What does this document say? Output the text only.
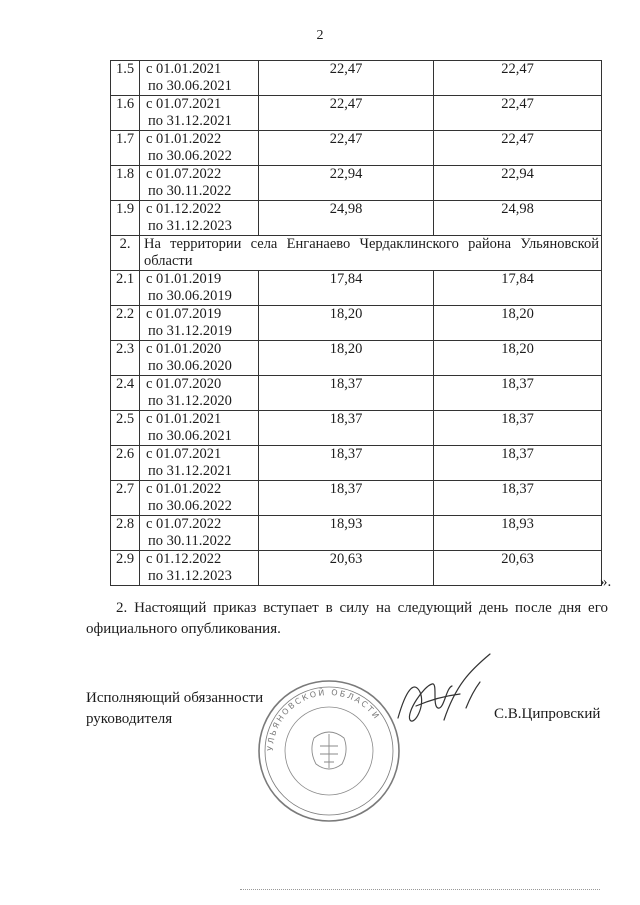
2
1.5	с 01.01.2021
по 30.06.2021	22,47	22,47
1.6	с 01.07.2021
по 31.12.2021	22,47	22,47
1.7	с 01.01.2022
по 30.06.2022	22,47	22,47
1.8	с 01.07.2022
по 30.11.2022	22,94	22,94
1.9	с 01.12.2022
по 31.12.2023	24,98	24,98
2.	На территории села Енганаево Чердаклинского района Ульяновской области		
2.1	с 01.01.2019
по 30.06.2019	17,84	17,84
2.2	с 01.07.2019
по 31.12.2019	18,20	18,20
2.3	с 01.01.2020
по 30.06.2020	18,20	18,20
2.4	с 01.07.2020
по 31.12.2020	18,37	18,37
2.5	с 01.01.2021
по 30.06.2021	18,37	18,37
2.6	с 01.07.2021
по 31.12.2021	18,37	18,37
2.7	с 01.01.2022
по 30.06.2022	18,37	18,37
2.8	с 01.07.2022
по 30.11.2022	18,93	18,93
2.9	с 01.12.2022
по 31.12.2023	20,63	20,63
».

2. Настоящий приказ вступает в силу на следующий день после дня его официального опубликования.

Исполняющий обязанности
руководителя
УЛЬЯНОВСКОЙ ОБЛАСТИ	С.В.Ципровский
